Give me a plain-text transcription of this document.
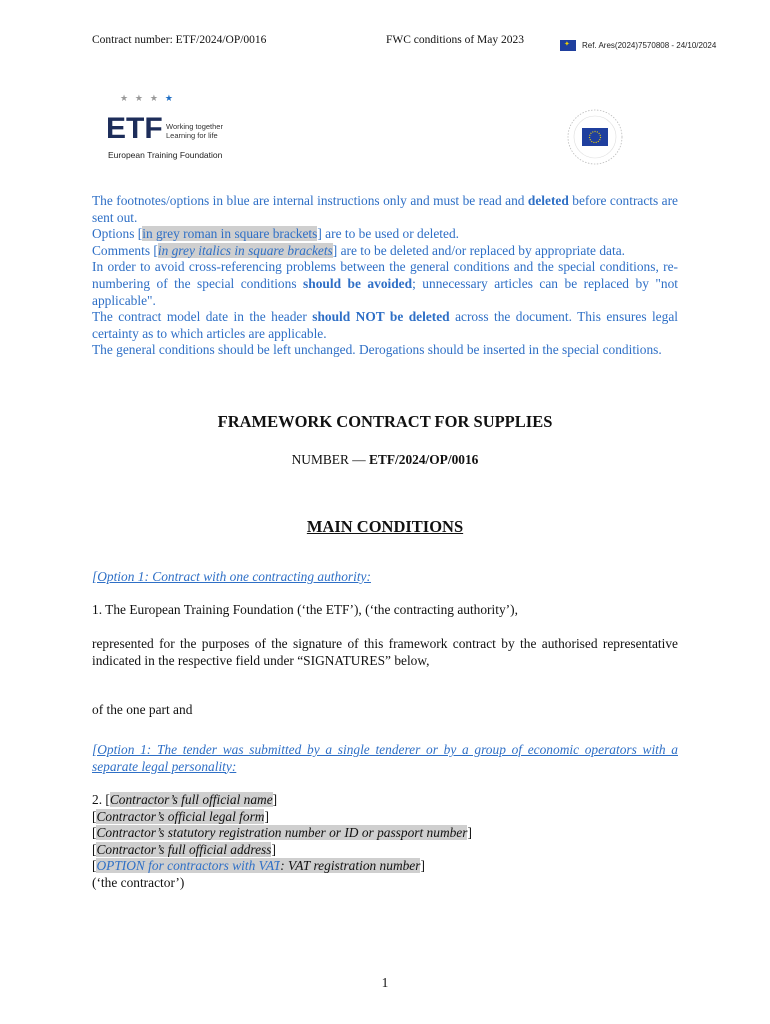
Contract number: ETF/2024/OP/0016	FWC conditions of May 2023
✦	Ref. Ares(2024)7570808 - 24/10/2024
★ ★ ★ ★
ETF Working together
Learning for life
European Training Foundation

The footnotes/options in blue are internal instructions only and must be read and deleted before contracts are sent out.

Options [in grey roman in square brackets] are to be used or deleted.

Comments [in grey italics in square brackets] are to be deleted and/or replaced by appropriate data.

In order to avoid cross-referencing problems between the general conditions and the special conditions, re-numbering of the special conditions should be avoided; unnecessary articles can be replaced by "not applicable".

The contract model date in the header should NOT be deleted across the document. This ensures legal certainty as to which articles are applicable.

The general conditions should be left unchanged. Derogations should be inserted in the special conditions.

FRAMEWORK CONTRACT FOR SUPPLIES
NUMBER — ETF/2024/OP/0016
MAIN CONDITIONS
[Option 1: Contract with one contracting authority:
1. The European Training Foundation (‘the ETF’), (‘the contracting authority’),
represented for the purposes of the signature of this framework contract by the authorised representative indicated in the respective field under “SIGNATURES” below,
of the one part and
[Option 1: The tender was submitted by a single tenderer or by a group of economic operators with a separate legal personality:
2. [Contractor’s full official name]
[Contractor’s official legal form]
[Contractor’s statutory registration number or ID or passport number]
[Contractor’s full official address]
[OPTION for contractors with VAT: VAT registration number]
(‘the contractor’)
1
